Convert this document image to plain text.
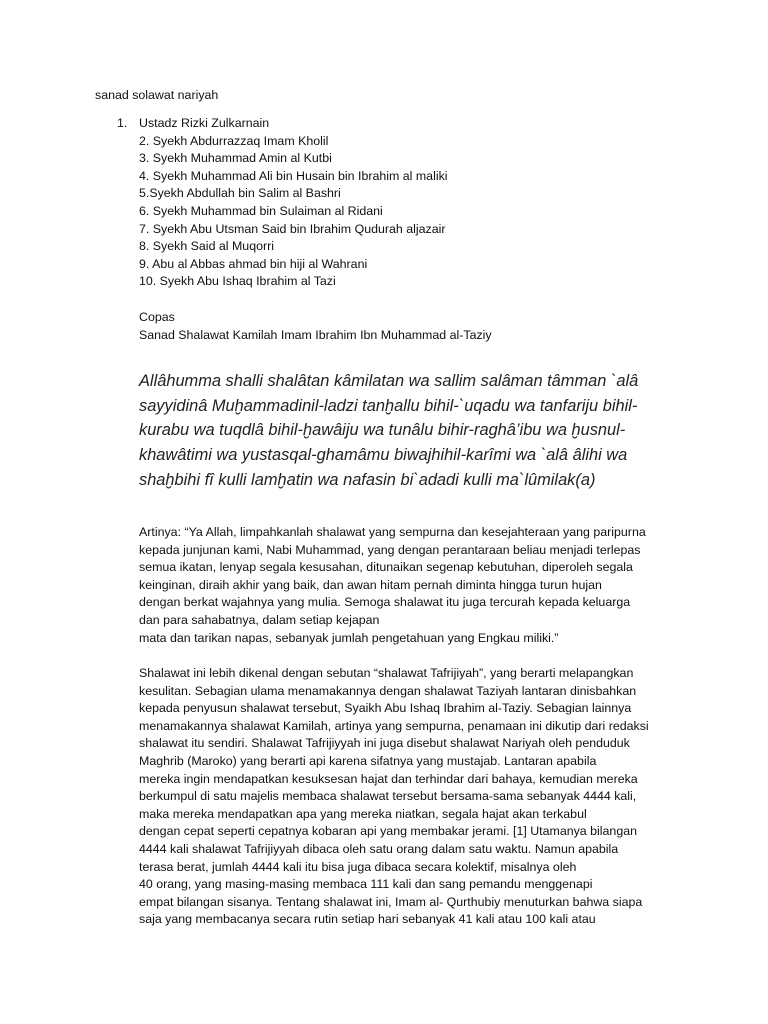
sanad solawat nariyah
1. Ustadz Rizki Zulkarnain
2. Syekh Abdurrazzaq Imam Kholil
3. Syekh Muhammad Amin al Kutbi
4. Syekh Muhammad Ali bin Husain bin Ibrahim al maliki
5.Syekh Abdullah bin Salim al Bashri
6. Syekh Muhammad bin Sulaiman al Ridani
7. Syekh Abu Utsman Said bin Ibrahim Qudurah aljazair
8. Syekh Said al Muqorri
9. Abu al Abbas ahmad bin hiji al Wahrani
10. Syekh Abu Ishaq Ibrahim al Tazi
Copas
Sanad Shalawat Kamilah Imam Ibrahim Ibn Muhammad al-Taziy
Allâhumma shalli shalâtan kâmilatan wa sallim salâman tâmman `alâ sayyidinâ Muḫammadinil-ladzi tanḫallu bihil-`uqadu wa tanfariju bihil-kurabu wa tuqdlâ bihil-ḫawâiju wa tunâlu bihir-raghâ’ibu wa ḫusnul-khawâtimi wa yustasqal-ghamâmu biwajhihil-karîmi wa `alâ âlihi wa shaḫbihi fî kulli lamḫatin wa nafasin bi`adadi kulli ma`lûmilak(a)
Artinya: “Ya Allah, limpahkanlah shalawat yang sempurna dan kesejahteraan yang paripurna
kepada junjunan kami, Nabi Muhammad, yang dengan perantaraan beliau menjadi terlepas
semua ikatan, lenyap segala kesusahan, ditunaikan segenap kebutuhan, diperoleh segala
keinginan, diraih akhir yang baik, dan awan hitam pernah diminta hingga turun hujan
dengan berkat wajahnya yang mulia. Semoga shalawat itu juga tercurah kepada keluarga
dan para sahabatnya, dalam setiap kejapan
mata dan tarikan napas, sebanyak jumlah pengetahuan yang Engkau miliki.”
Shalawat ini lebih dikenal dengan sebutan “shalawat Tafrijiyah”, yang berarti melapangkan
kesulitan. Sebagian ulama menamakannya dengan shalawat Taziyah lantaran dinisbahkan
kepada penyusun shalawat tersebut, Syaikh Abu Ishaq Ibrahim al-Taziy. Sebagian lainnya
menamakannya shalawat Kamilah, artinya yang sempurna, penamaan ini dikutip dari redaksi
shalawat itu sendiri. Shalawat Tafrijiyyah ini juga disebut shalawat Nariyah oleh penduduk
Maghrib (Maroko) yang berarti api karena sifatnya yang mustajab. Lantaran apabila
mereka ingin mendapatkan kesuksesan hajat dan terhindar dari bahaya, kemudian mereka
berkumpul di satu majelis membaca shalawat tersebut bersama-sama sebanyak 4444 kali,
maka mereka mendapatkan apa yang mereka niatkan, segala hajat akan terkabul
dengan cepat seperti cepatnya kobaran api yang membakar jerami. [1] Utamanya bilangan
4444 kali shalawat Tafrijiyyah dibaca oleh satu orang dalam satu waktu. Namun apabila
terasa berat, jumlah 4444 kali itu bisa juga dibaca secara kolektif, misalnya oleh
40 orang, yang masing-masing membaca 111 kali dan sang pemandu menggenapi
empat bilangan sisanya. Tentang shalawat ini, Imam al- Qurthubiy menuturkan bahwa siapa
saja yang membacanya secara rutin setiap hari sebanyak 41 kali atau 100 kali atau
